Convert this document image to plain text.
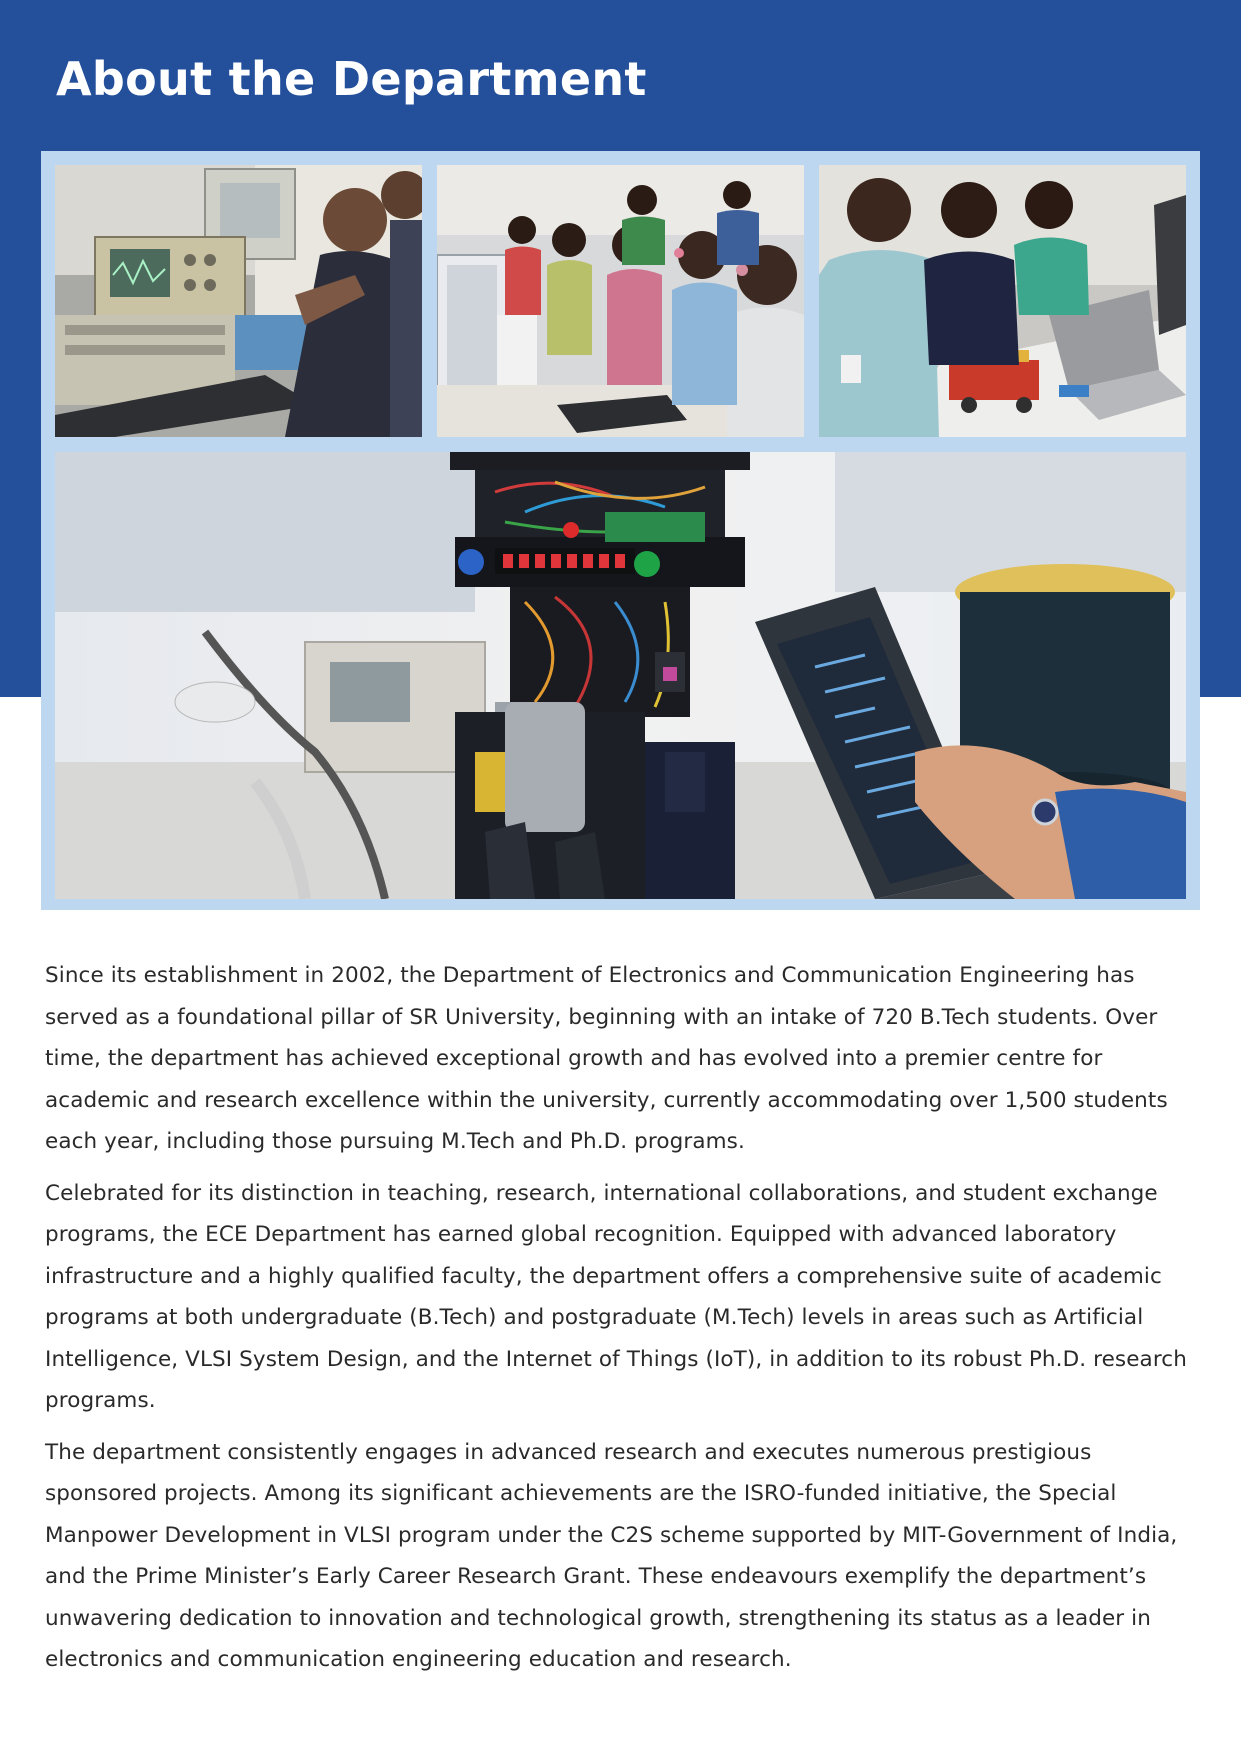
About the Department

Since its establishment in 2002, the Department of Electronics and Communication Engineering has served as a foundational pillar of SR University, beginning with an intake of 720 B.Tech students. Over time, the department has achieved exceptional growth and has evolved into a premier centre for academic and research excellence within the university, currently accommodating over 1,500 students each year, including those pursuing M.Tech and Ph.D. programs.

Celebrated for its distinction in teaching, research, international collaborations, and student exchange programs, the ECE Department has earned global recognition. Equipped with advanced laboratory infrastructure and a highly qualified faculty, the department offers a comprehensive suite of academic programs at both undergraduate (B.Tech) and postgraduate (M.Tech) levels in areas such as Artificial Intelligence, VLSI System Design, and the Internet of Things (IoT), in addition to its robust Ph.D. research programs.

The department consistently engages in advanced research and executes numerous prestigious sponsored projects. Among its significant achievements are the ISRO-funded initiative, the Special Manpower Development in VLSI program under the C2S scheme supported by MIT-Government of India, and the Prime Minister’s Early Career Research Grant. These endeavours exemplify the department’s unwavering dedication to innovation and technological growth, strengthening its status as a leader in electronics and communication engineering education and research.
